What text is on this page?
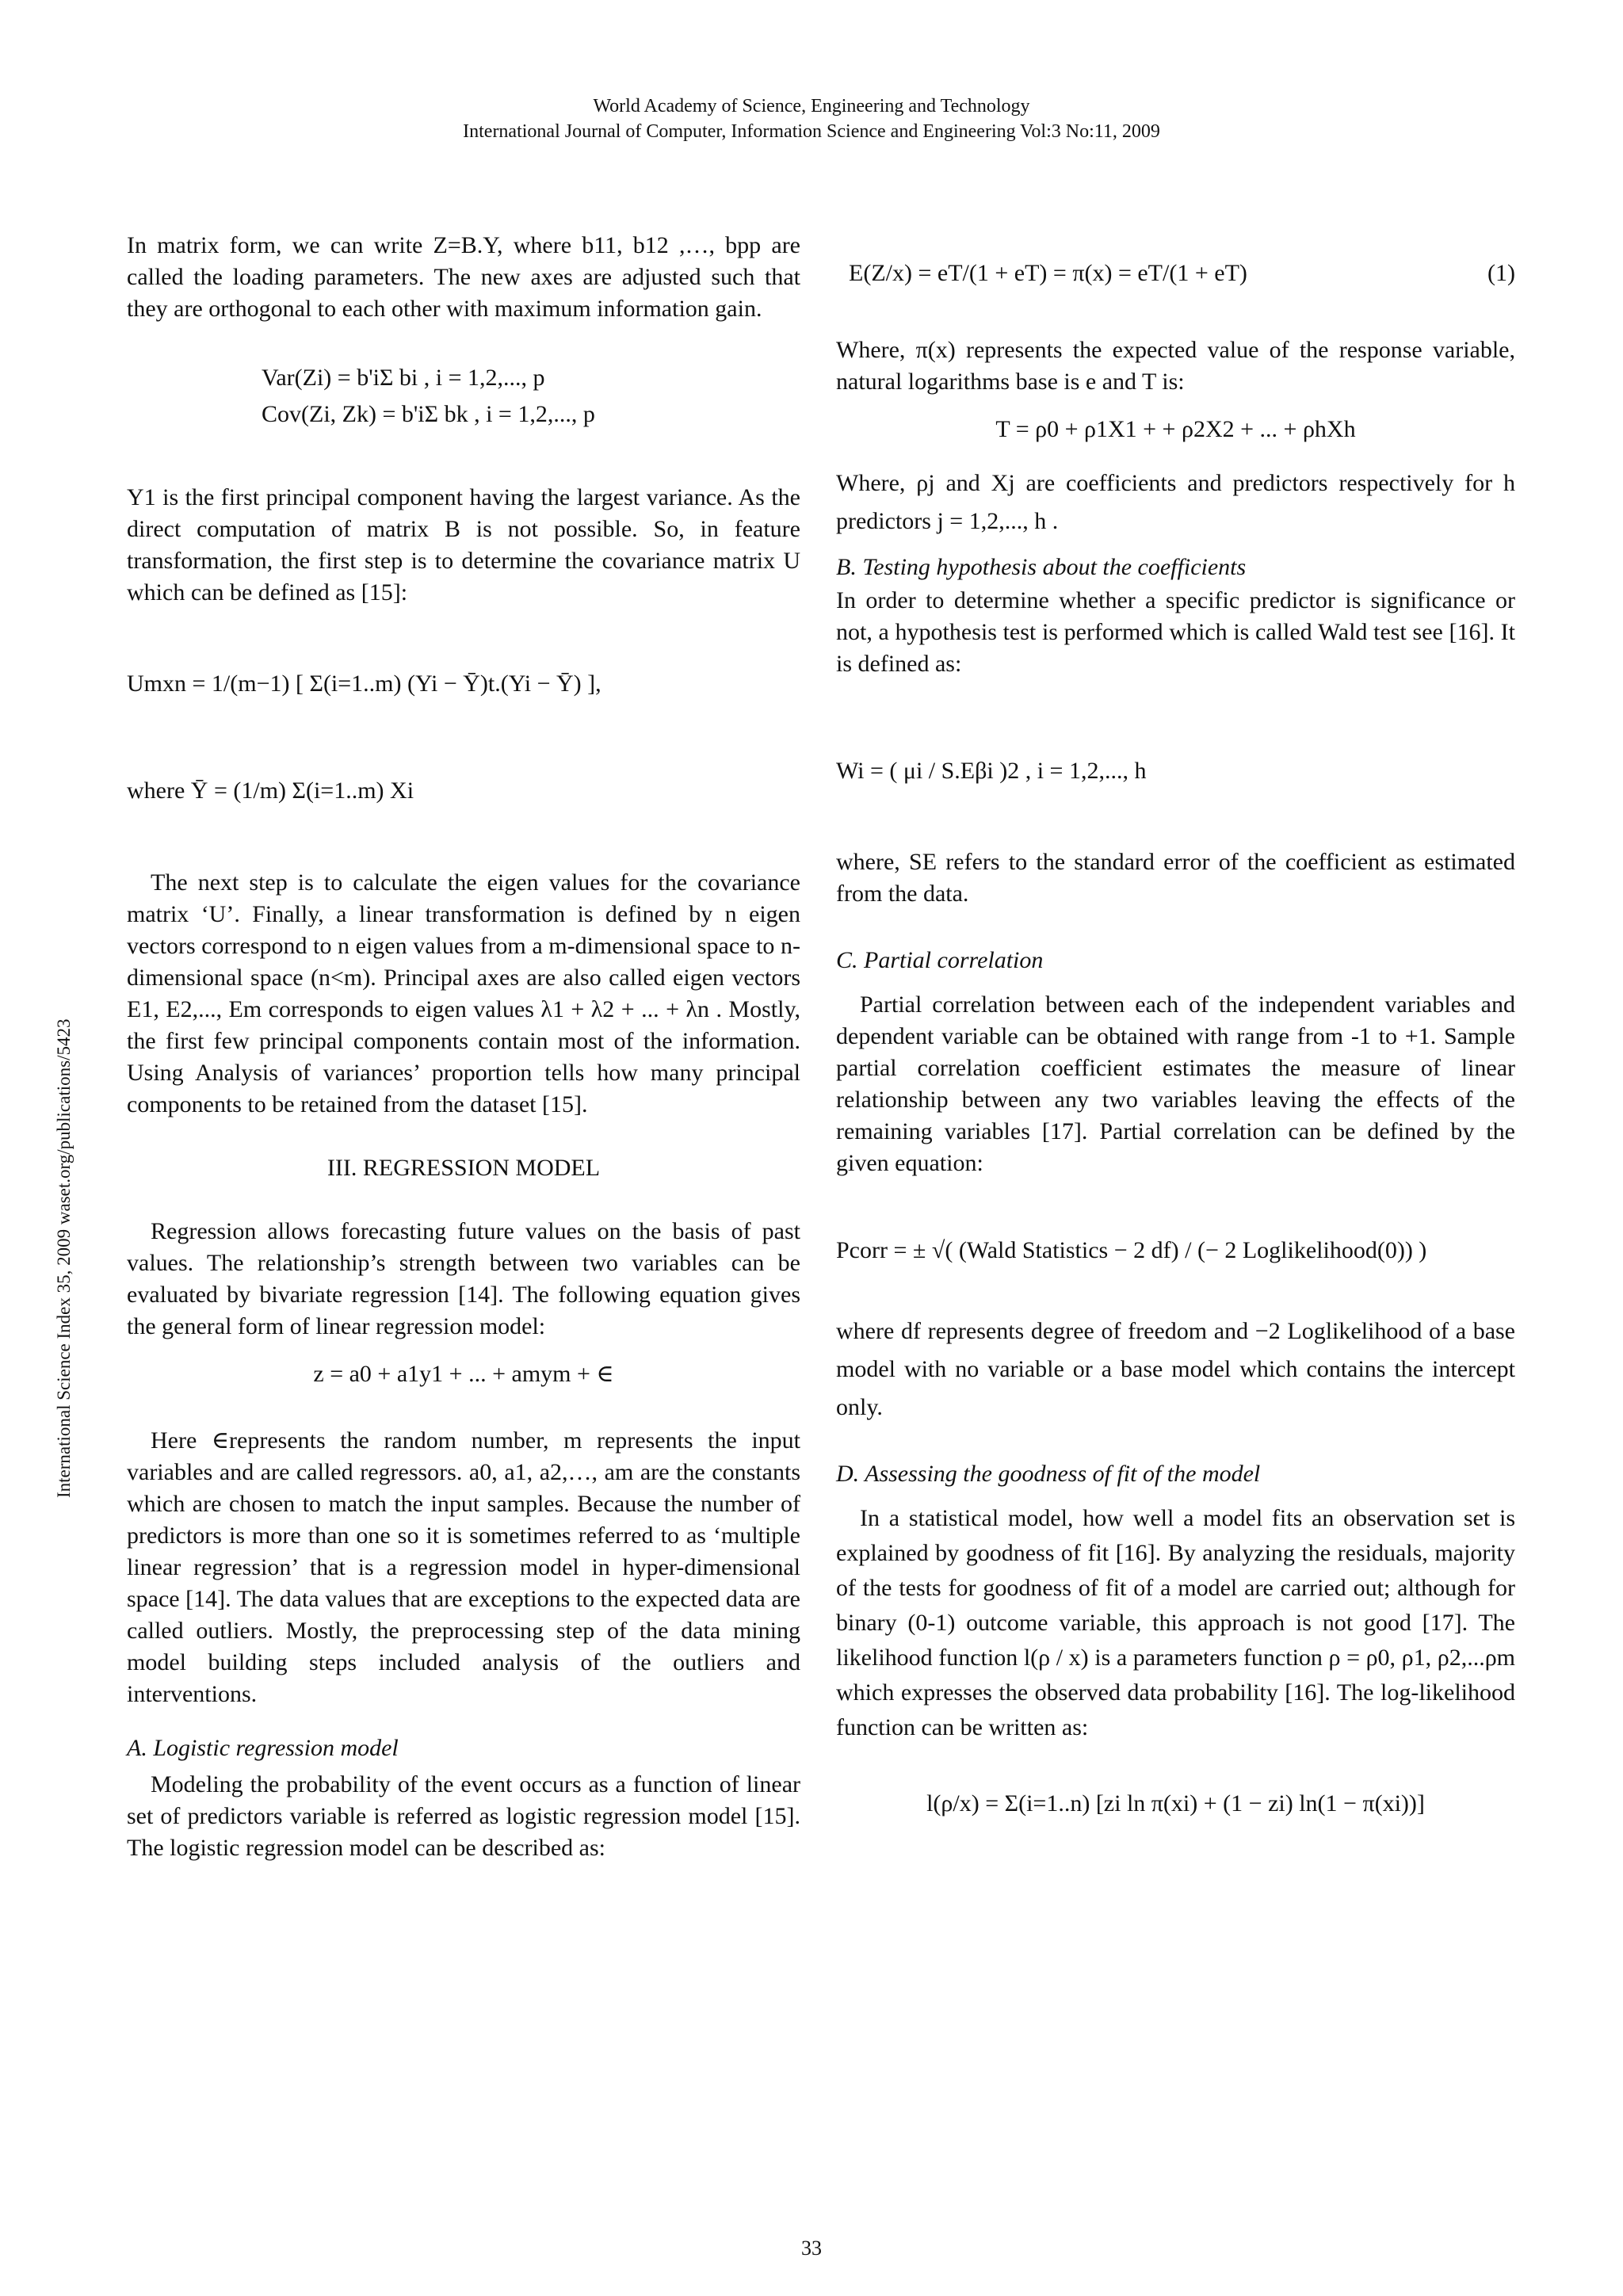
World Academy of Science, Engineering and Technology
International Journal of Computer, Information Science and Engineering Vol:3 No:11, 2009
International Science Index 35, 2009 waset.org/publications/5423

In matrix form, we can write Z=B.Y, where b11, b12 ,…, bpp are called the loading parameters. The new axes are adjusted such that they are orthogonal to each other with maximum information gain.

Var(Zi) = b'iΣ bi , i = 1,2,..., p
Cov(Zi, Zk) = b'iΣ bk , i = 1,2,..., p

Y1 is the first principal component having the largest variance. As the direct computation of matrix B is not possible. So, in feature transformation, the first step is to determine the covariance matrix U which can be defined as [15]:

Umxn = 1/(m−1) [ Σ(i=1..m) (Yi − Ȳ)t.(Yi − Ȳ) ],
where Ȳ = (1/m) Σ(i=1..m) Xi

The next step is to calculate the eigen values for the covariance matrix ‘U’. Finally, a linear transformation is defined by n eigen vectors correspond to n eigen values from a m-dimensional space to n-dimensional space (n<m). Principal axes are also called eigen vectors E1, E2,..., Em corresponds to eigen values λ1 + λ2 + ... + λn . Mostly, the first few principal components contain most of the information. Using Analysis of variances’ proportion tells how many principal components to be retained from the dataset [15].

III. REGRESSION MODEL

Regression allows forecasting future values on the basis of past values. The relationship’s strength between two variables can be evaluated by bivariate regression [14]. The following equation gives the general form of linear regression model:

z = a0 + a1y1 + ... + amym + ∈

Here ∈represents the random number, m represents the input variables and are called regressors. a0, a1, a2,…, am are the constants which are chosen to match the input samples. Because the number of predictors is more than one so it is sometimes referred to as ‘multiple linear regression’ that is a regression model in hyper-dimensional space [14]. The data values that are exceptions to the expected data are called outliers. Mostly, the preprocessing step of the data mining model building steps included analysis of the outliers and interventions.

A. Logistic regression model

Modeling the probability of the event occurs as a function of linear set of predictors variable is referred as logistic regression model [15]. The logistic regression model can be described as:

E(Z/x) = eT/(1 + eT) = π(x) = eT/(1 + eT)	(1)

Where, π(x) represents the expected value of the response variable, natural logarithms base is e and T is:

T = ρ0 + ρ1X1 + + ρ2X2 + ... + ρhXh

Where, ρj and Xj are coefficients and predictors respectively for h predictors j = 1,2,..., h .

B. Testing hypothesis about the coefficients

In order to determine whether a specific predictor is significance or not, a hypothesis test is performed which is called Wald test see [16]. It is defined as:

Wi = ( μi / S.Eβi )2 , i = 1,2,..., h

where, SE refers to the standard error of the coefficient as estimated from the data.

C. Partial correlation

Partial correlation between each of the independent variables and dependent variable can be obtained with range from -1 to +1. Sample partial correlation coefficient estimates the measure of linear relationship between any two variables leaving the effects of the remaining variables [17]. Partial correlation can be defined by the given equation:

Pcorr = ± √( (Wald Statistics − 2 df) / (− 2 Loglikelihood(0)) )

where df represents degree of freedom and −2 Loglikelihood of a base model with no variable or a base model which contains the intercept only.

D. Assessing the goodness of fit of the model

In a statistical model, how well a model fits an observation set is explained by goodness of fit [16]. By analyzing the residuals, majority of the tests for goodness of fit of a model are carried out; although for binary (0-1) outcome variable, this approach is not good [17]. The likelihood function l(ρ / x) is a parameters function ρ = ρ0, ρ1, ρ2,...ρm which expresses the observed data probability [16]. The log-likelihood function can be written as:

l(ρ/x) = Σ(i=1..n) [zi ln π(xi) + (1 − zi) ln(1 − π(xi))]
33
